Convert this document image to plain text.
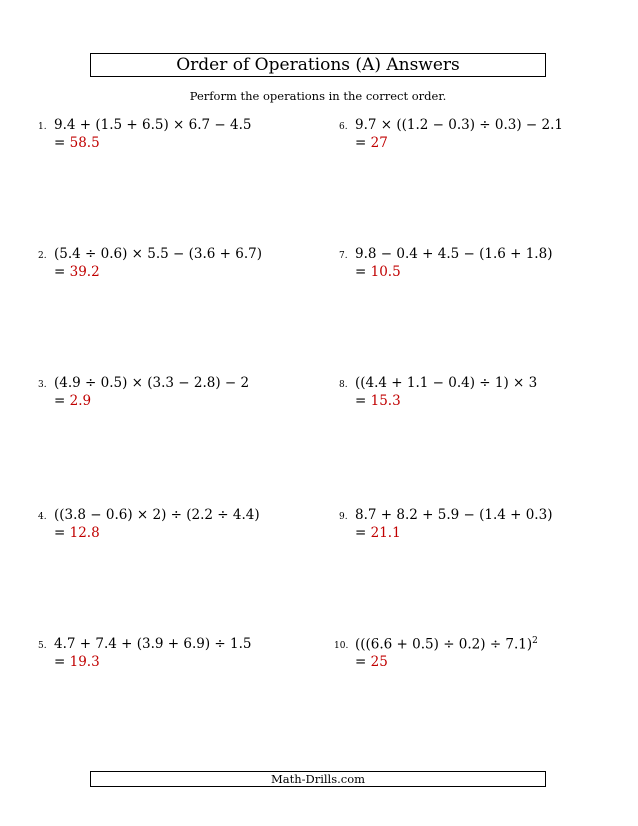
Order of Operations (A) Answers
Perform the operations in the correct order.
1. 9.4 + (1.5 + 6.5) × 6.7 − 4.5
= 58.5
2. (5.4 ÷ 0.6) × 5.5 − (3.6 + 6.7)
= 39.2
3. (4.9 ÷ 0.5) × (3.3 − 2.8) − 2
= 2.9
4. ((3.8 − 0.6) × 2) ÷ (2.2 ÷ 4.4)
= 12.8
5. 4.7 + 7.4 + (3.9 + 6.9) ÷ 1.5
= 19.3
6. 9.7 × ((1.2 − 0.3) ÷ 0.3) − 2.1
= 27
7. 9.8 − 0.4 + 4.5 − (1.6 + 1.8)
= 10.5
8. ((4.4 + 1.1 − 0.4) ÷ 1) × 3
= 15.3
9. 8.7 + 8.2 + 5.9 − (1.4 + 0.3)
= 21.1
10. $(((6.6 + 0.5) \div 0.2) \div 7.1)^2$
= 25
Math-Drills.com
